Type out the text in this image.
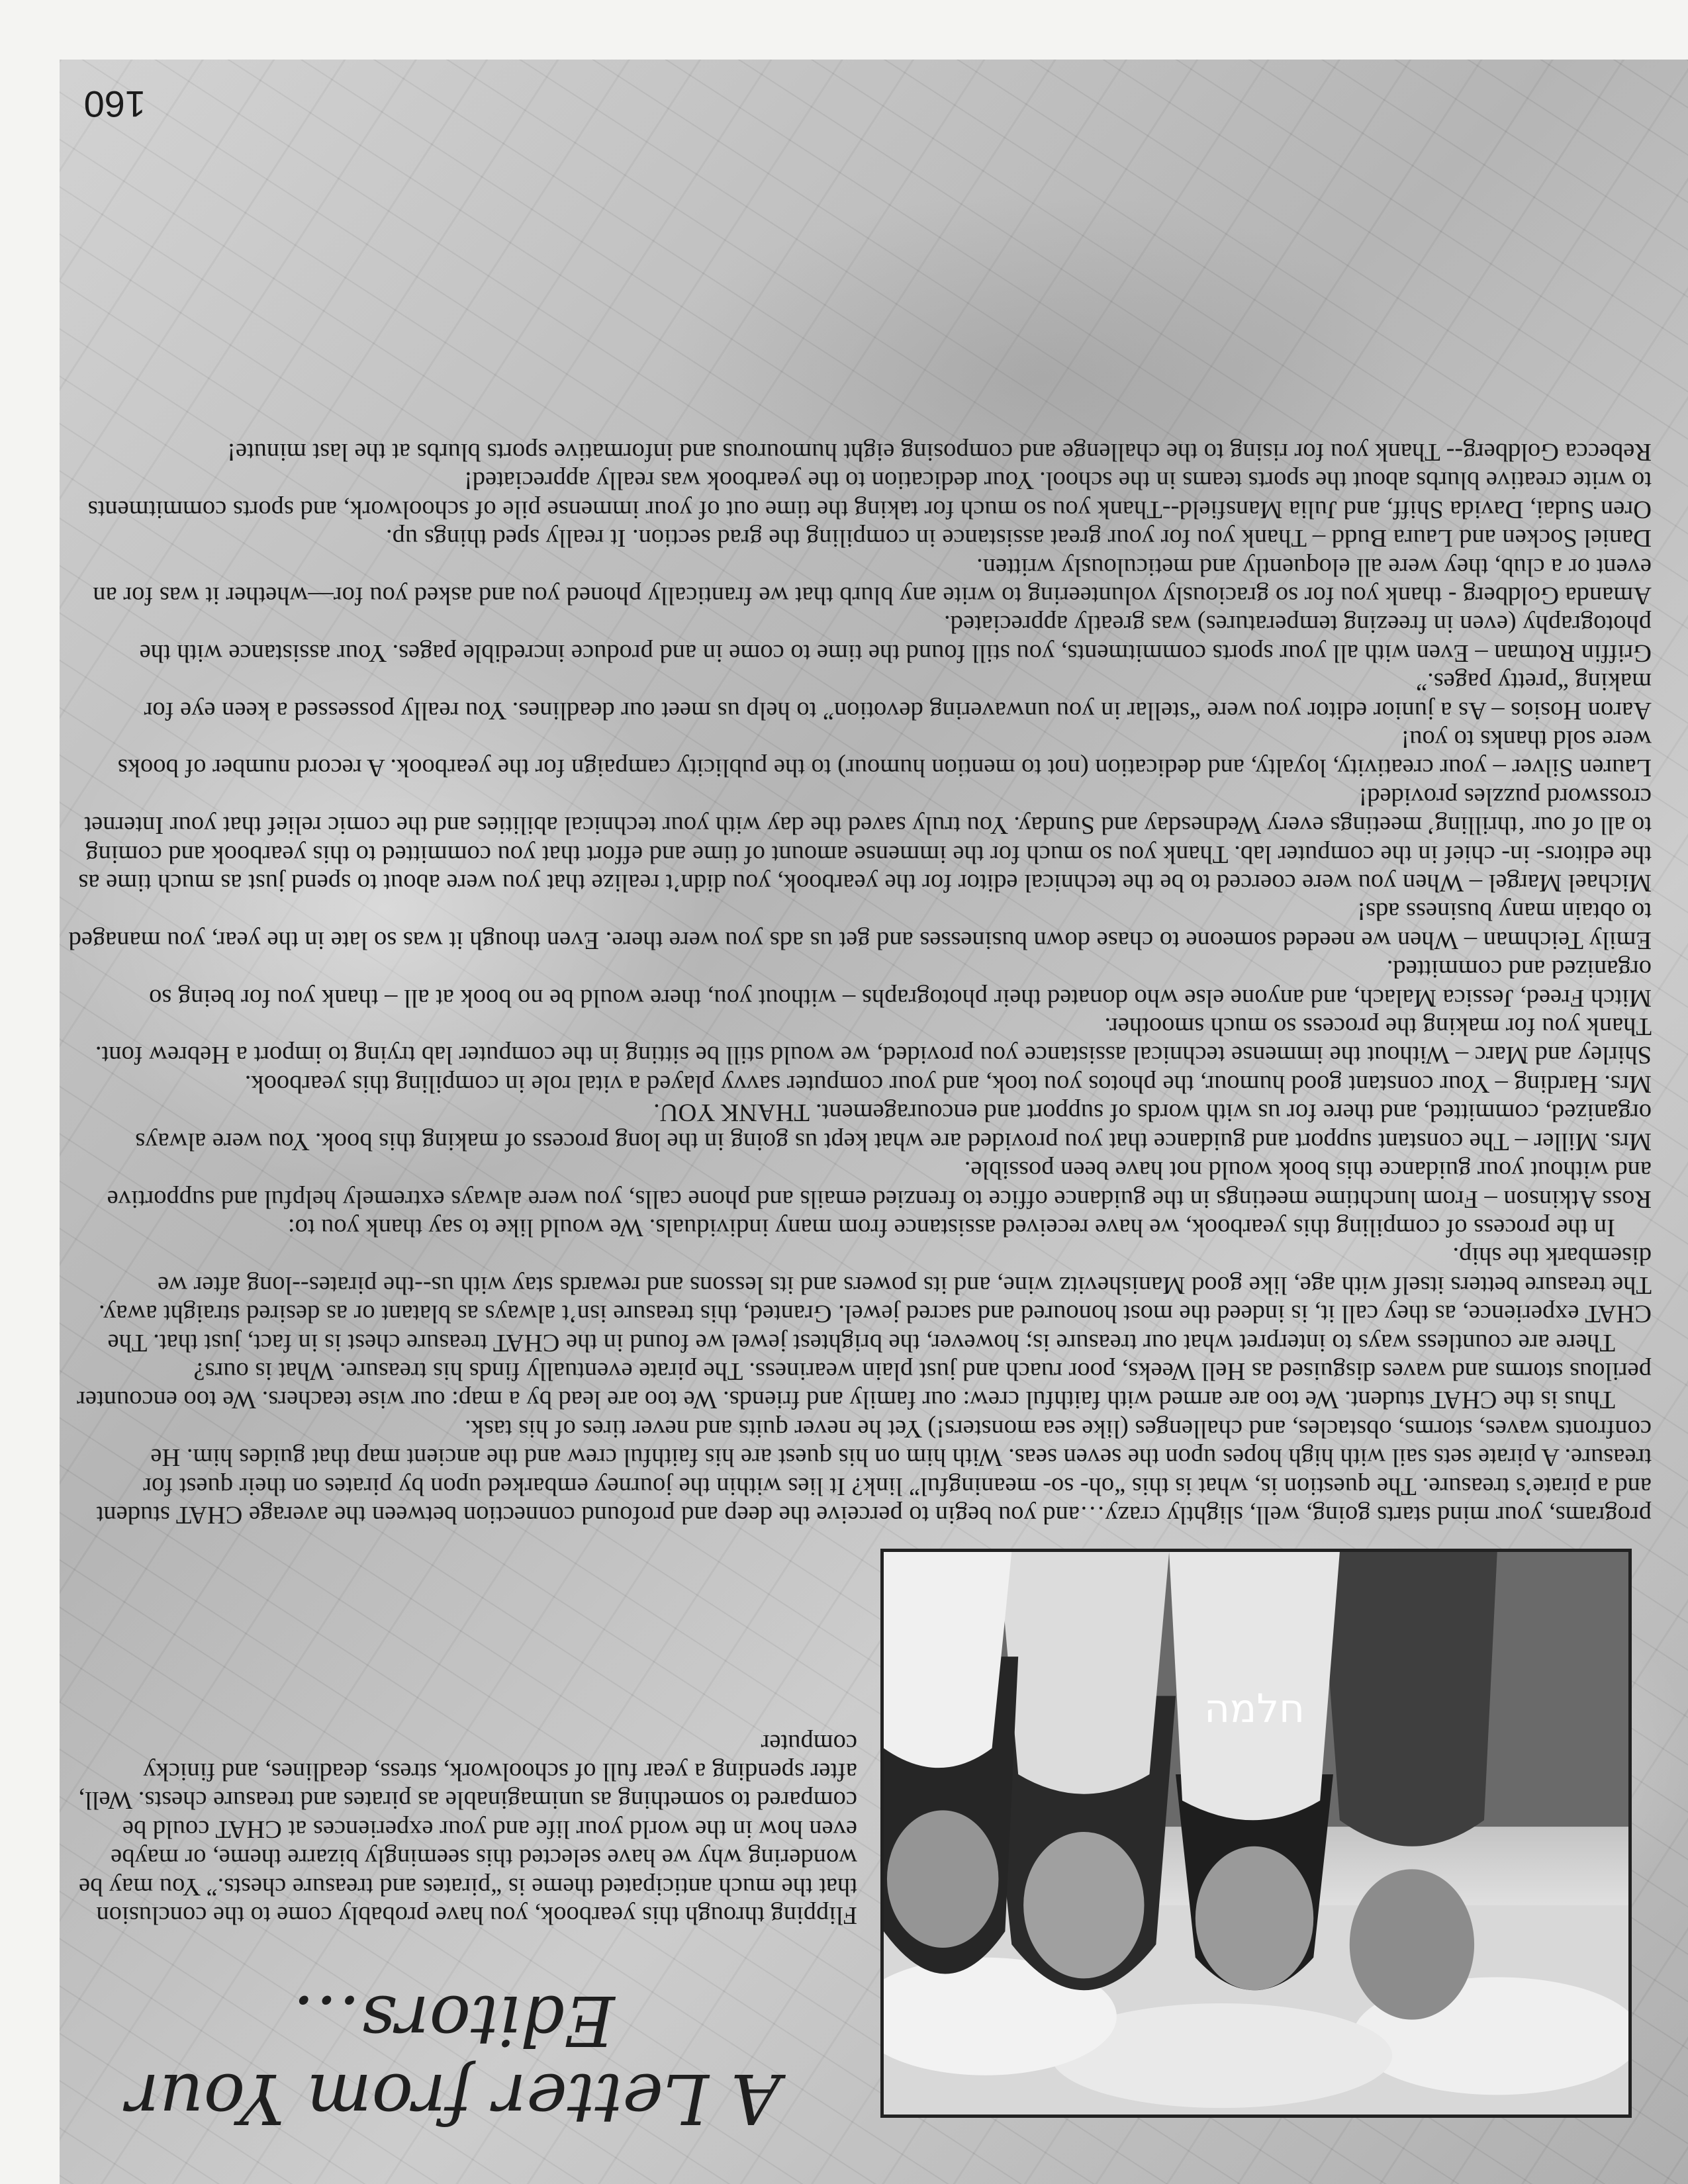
A Letter from Your Editors…
חלמה

Flipping through this yearbook, you have probably come to the conclusion that the much anticipated theme is “pirates and treasure chests.” You may be wondering why we have selected this seemingly bizarre theme, or maybe even how in the world your life and your experiences at CHAT could be compared to something as unimaginable as pirates and treasure chests. Well, after spending a year full of schoolwork, stress, deadlines, and finicky computer

programs, your mind starts going, well, slightly crazy…and you begin to perceive the deep and profound connection between the average CHAT student and a pirate’s treasure. The question is, what is this “oh- so- meaningful” link? It lies within the journey embarked upon by pirates on their quest for treasure. A pirate sets sail with high hopes upon the seven seas. With him on his quest are his faithful crew and the ancient map that guides him. He confronts waves, storms, obstacles, and challenges (like sea monsters!) Yet he never quits and never tires of his task.

Thus is the CHAT student. We too are armed with faithful crew: our family and friends. We too are lead by a map: our wise teachers. We too encounter perilous storms and waves disguised as Hell Weeks, poor ruach and just plain weariness. The pirate eventually finds his treasure. What is ours?

There are countless ways to interpret what our treasure is; however, the brightest jewel we found in the CHAT treasure chest is in fact, just that. The CHAT experience, as they call it, is indeed the most honoured and sacred jewel. Granted, this treasure isn’t always as blatant or as desired straight away. The treasure betters itself with age, like good Manishevitz wine, and its powers and its lessons and rewards stay with us--the pirates--long after we disembark the ship.

In the process of compiling this yearbook, we have received assistance from many individuals. We would like to say thank you to:

Ross Atkinson – From lunchtime meetings in the guidance office to frenzied emails and phone calls, you were always extremely helpful and supportive and without your guidance this book would not have been possible.

Mrs. Miller – The constant support and guidance that you provided are what kept us going in the long process of making this book. You were always organized, committed, and there for us with words of support and encouragement. THANK YOU.

Mrs. Harding – Your constant good humour, the photos you took, and your computer savvy played a vital role in compiling this yearbook.

Shirley and Marc – Without the immense technical assistance you provided, we would still be sitting in the computer lab trying to import a Hebrew font. Thank you for making the process so much smoother.

Mitch Freed, Jessica Malach, and anyone else who donated their photographs – without you, there would be no book at all – thank you for being so organized and committed.

Emily Teichman – When we needed someone to chase down businesses and get us ads you were there. Even though it was so late in the year, you managed to obtain many business ads!

Michael Margel – When you were coerced to be the technical editor for the yearbook, you didn’t realize that you were about to spend just as much time as the editors- in- chief in the computer lab. Thank you so much for the immense amount of time and effort that you committed to this yearbook and coming to all of our ‘thrilling’ meetings every Wednesday and Sunday. You truly saved the day with your technical abilities and the comic relief that your Internet crossword puzzles provided!

Lauren Silver – your creativity, loyalty, and dedication (not to mention humour) to the publicity campaign for the yearbook. A record number of books were sold thanks to you!

Aaron Hosios – As a junior editor you were “stellar in you unwavering devotion” to help us meet our deadlines. You really possessed a keen eye for making “pretty pages.”

Griffin Rotman – Even with all your sports commitments, you still found the time to come in and produce incredible pages. Your assistance with the photography (even in freezing temperatures) was greatly appreciated.

Amanda Goldberg - thank you for so graciously volunteering to write any blurb that we frantically phoned you and asked you for—whether it was for an event or a club, they were all eloquently and meticulously written.

Daniel Socken and Laura Budd – Thank you for your great assistance in compiling the grad section. It really sped things up.

Oren Sudai, Davida Shiff, and Julia Mansfield--Thank you so much for taking the time out of your immense pile of schoolwork, and sports commitments to write creative blurbs about the sports teams in the school. Your dedication to the yearbook was really appreciated!

Rebecca Goldberg-- Thank you for rising to the challenge and composing eight humourous and informative sports blurbs at the last minute!

160
